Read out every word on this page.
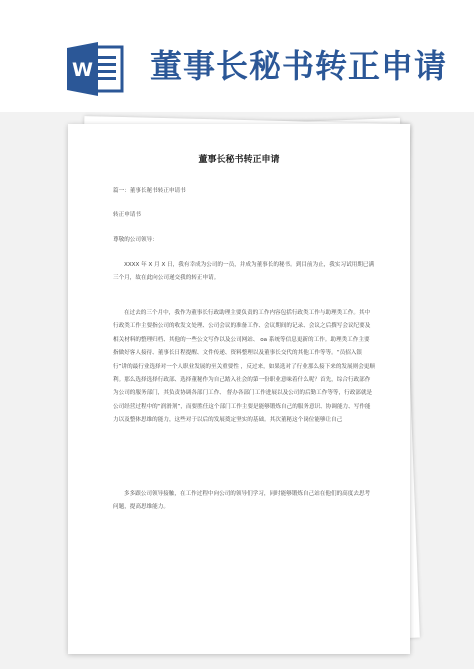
W 董事长秘书转正申请
董事长秘书转正申请
篇一：董事长秘书转正申请书
转正申请书
尊敬的公司领导：
XXXX 年 X 月 X 日，我有幸成为公司的一员，并成为董事长的秘书。到目前为止，我实习试用期已满三个月，故在此向公司递交我的转正申请。
在过去的三个月中，我作为董事长行政助理主要负责的工作内容包括行政类工作与助理类工作。其中行政类工作主要指公司的收发文处理、公司会议的准备工作、会议期间的记录、会议之后撰写会议纪要及相关材料的整理归档、其他的一些公文写作以及公司网站、 oa 系统等信息更新的工作。助理类工作主要指做好客人接待、董事长日程提醒、文件传递、资料整理以及董事长交代的其他工作等等。“员招入银行”讲的最行业选择对一个人职业发展的至关重要性 ，反过来，如果选对了行业那么接下来的发展则会更顺利。那么选择选择行政部、选择董秘作为自己踏入社会的第一份职业意味着什么呢？首先，综合行政部作为公司的服务部门，其负责协调各部门工作、 督办各部门工作进展以及公司的后勤工作等等，行政部就是公司经营过程中的“润滑剂”，而要胜任这个部门工作主要是能够锻炼自己的服务意识、协调能力、写作能力以及整体思维的能力，这些对于以后的发展奠定坚实的基础。其次董秘这个岗位能够让自己
多多跟公司领导接触，在工作过程中向公司的领导们学习，同时能够锻炼自己站在他们的高度去思考问题，提高思维能力。
